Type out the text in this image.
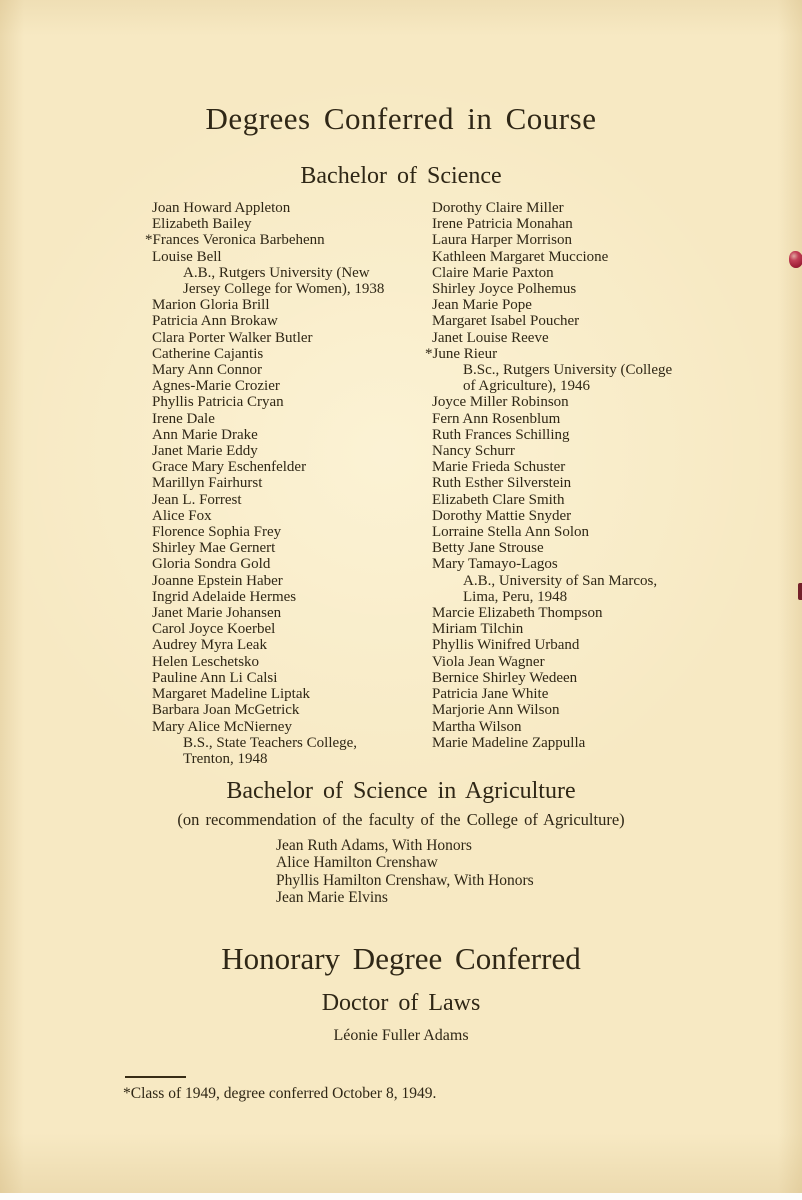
Degrees Conferred in Course
Bachelor of Science
Joan Howard Appleton
Elizabeth Bailey
*Frances Veronica Barbehenn
Louise Bell
A.B., Rutgers University (New
Jersey College for Women), 1938
Marion Gloria Brill
Patricia Ann Brokaw
Clara Porter Walker Butler
Catherine Cajantis
Mary Ann Connor
Agnes-Marie Crozier
Phyllis Patricia Cryan
Irene Dale
Ann Marie Drake
Janet Marie Eddy
Grace Mary Eschenfelder
Marillyn Fairhurst
Jean L. Forrest
Alice Fox
Florence Sophia Frey
Shirley Mae Gernert
Gloria Sondra Gold
Joanne Epstein Haber
Ingrid Adelaide Hermes
Janet Marie Johansen
Carol Joyce Koerbel
Audrey Myra Leak
Helen Leschetsko
Pauline Ann Li Calsi
Margaret Madeline Liptak
Barbara Joan McGetrick
Mary Alice McNierney
B.S., State Teachers College,
Trenton, 1948
Dorothy Claire Miller
Irene Patricia Monahan
Laura Harper Morrison
Kathleen Margaret Muccione
Claire Marie Paxton
Shirley Joyce Polhemus
Jean Marie Pope
Margaret Isabel Poucher
Janet Louise Reeve
*June Rieur
B.Sc., Rutgers University (College
of Agriculture), 1946
Joyce Miller Robinson
Fern Ann Rosenblum
Ruth Frances Schilling
Nancy Schurr
Marie Frieda Schuster
Ruth Esther Silverstein
Elizabeth Clare Smith
Dorothy Mattie Snyder
Lorraine Stella Ann Solon
Betty Jane Strouse
Mary Tamayo-Lagos
A.B., University of San Marcos,
Lima, Peru, 1948
Marcie Elizabeth Thompson
Miriam Tilchin
Phyllis Winifred Urband
Viola Jean Wagner
Bernice Shirley Wedeen
Patricia Jane White
Marjorie Ann Wilson
Martha Wilson
Marie Madeline Zappulla
Bachelor of Science in Agriculture
(on recommendation of the faculty of the College of Agriculture)
Jean Ruth Adams, With Honors
Alice Hamilton Crenshaw
Phyllis Hamilton Crenshaw, With Honors
Jean Marie Elvins
Honorary Degree Conferred
Doctor of Laws
Léonie Fuller Adams
*Class of 1949, degree conferred October 8, 1949.
